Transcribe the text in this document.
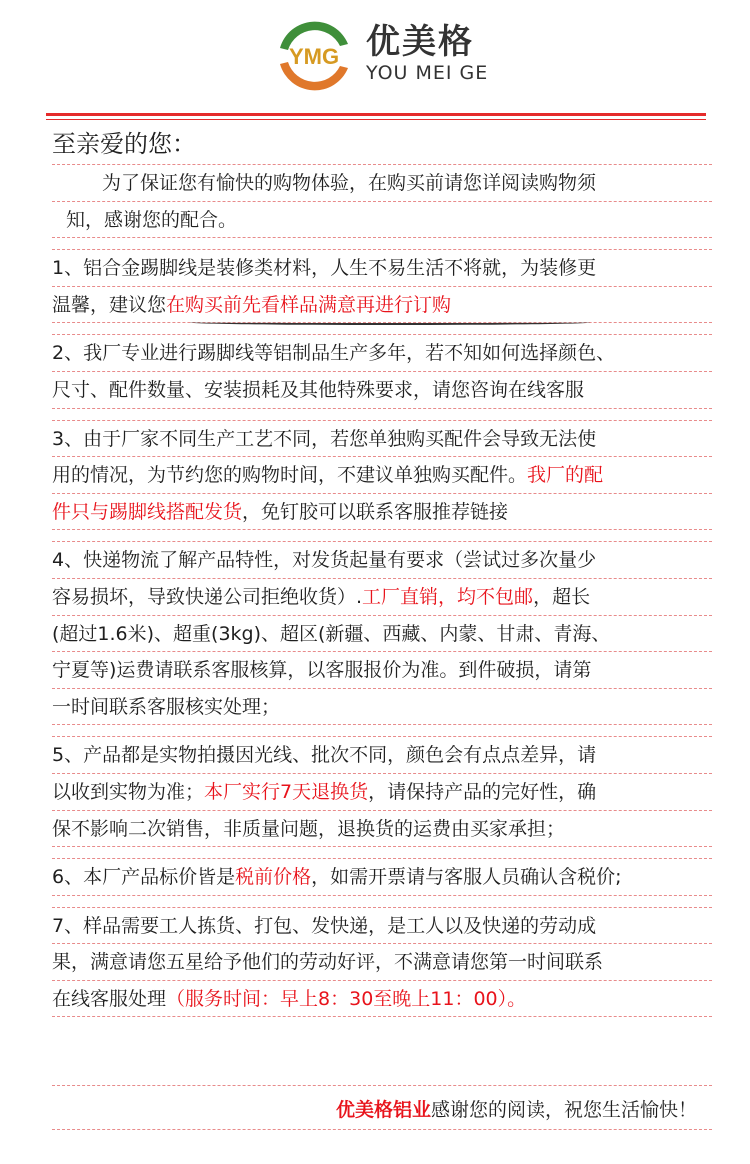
YMG 优美格
YOU MEI GE
至亲爱的您：
为了保证您有愉快的购物体验，在购买前请您详阅读购物须
知，感谢您的配合。
1、铝合金踢脚线是装修类材料，人生不易生活不将就，为装修更
温馨，建议您在购买前先看样品满意再进行订购
2、我厂专业进行踢脚线等铝制品生产多年，若不知如何选择颜色、
尺寸、配件数量、安装损耗及其他特殊要求，请您咨询在线客服
3、由于厂家不同生产工艺不同，若您单独购买配件会导致无法使
用的情况，为节约您的购物时间，不建议单独购买配件。我厂的配
件只与踢脚线搭配发货，免钉胶可以联系客服推荐链接
4、快递物流了解产品特性，对发货起量有要求（尝试过多次量少
容易损坏，导致快递公司拒绝收货）.工厂直销，均不包邮，超长
(超过1.6米)、超重(3kg)、超区(新疆、西藏、内蒙、甘肃、青海、
宁夏等)运费请联系客服核算，以客服报价为准。到件破损，请第
一时间联系客服核实处理；
5、产品都是实物拍摄因光线、批次不同，颜色会有点点差异，请
以收到实物为准；本厂实行7天退换货，请保持产品的完好性，确
保不影响二次销售，非质量问题，退换货的运费由买家承担；
6、本厂产品标价皆是税前价格，如需开票请与客服人员确认含税价;
7、样品需要工人拣货、打包、发快递，是工人以及快递的劳动成
果，满意请您五星给予他们的劳动好评，不满意请您第一时间联系
在线客服处理（服务时间：早上8：30至晚上11：00）。
优美格铝业感谢您的阅读，祝您生活愉快！
